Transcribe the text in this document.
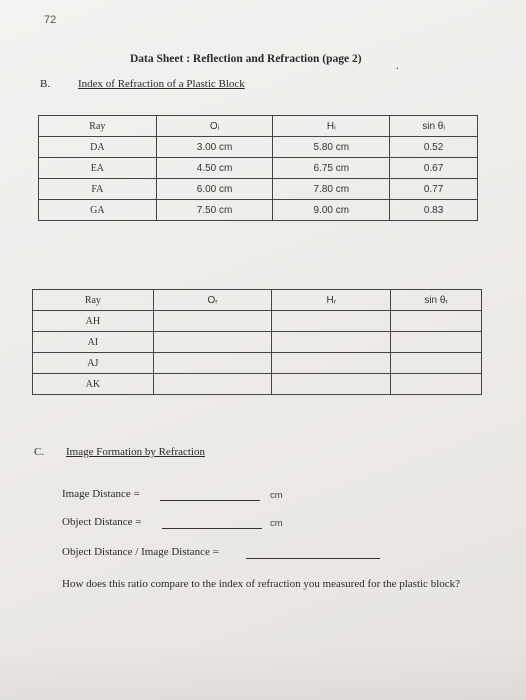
72
Data Sheet : Reflection and Refraction (page 2)
.
B.	Index of Refraction of a Plastic Block
Ray	Oᵢ	Hᵢ	sin θᵢ
DA	3.00 cm	5.80 cm	0.52
EA	4.50 cm	6.75 cm	0.67
FA	6.00 cm	7.80 cm	0.77
GA	7.50 cm	9.00 cm	0.83
Ray	Oᵣ	Hᵣ	sin θᵣ
AH			
AI			
AJ			
AK			
C. Image Formation by Refraction
Image Distance =	cm
Object Distance =	cm
Object Distance / Image Distance =
How does this ratio compare to the index of refraction you measured for the plastic block?
